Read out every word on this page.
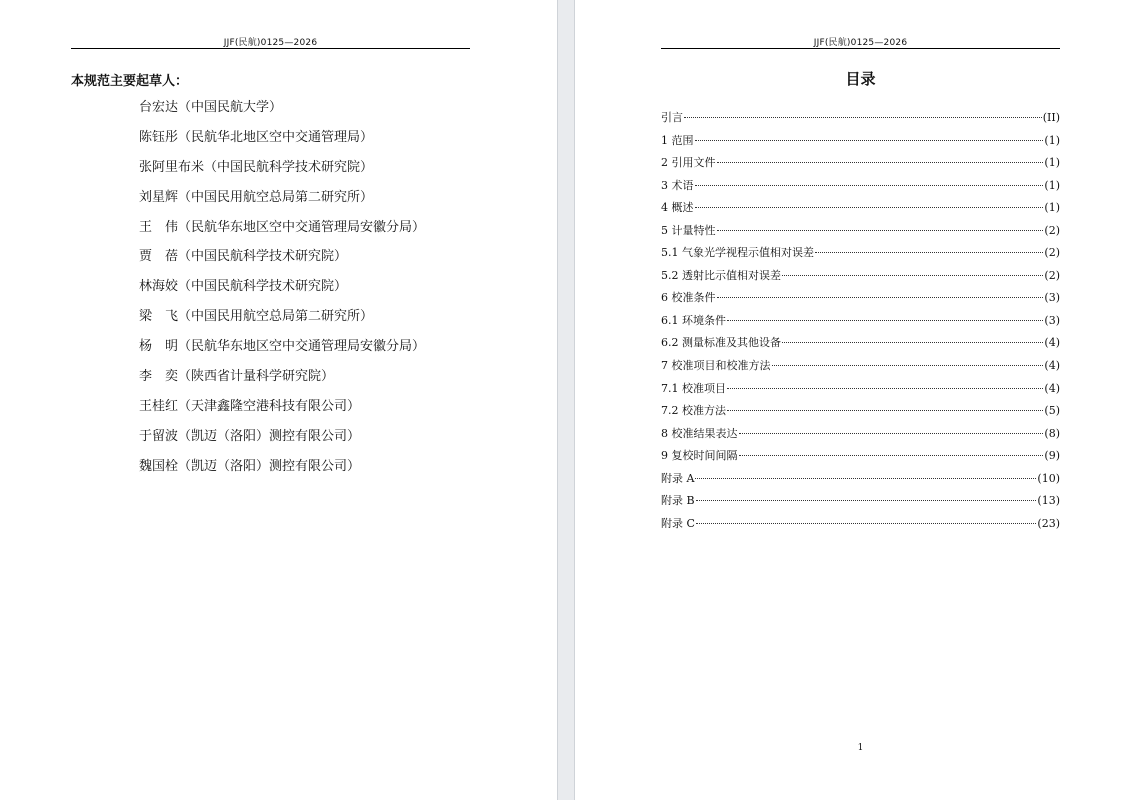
JJF(民航)0125—2026
本规范主要起草人：
台宏达（中国民航大学）
陈钰彤（民航华北地区空中交通管理局）
张阿里布米（中国民航科学技术研究院）
刘星辉（中国民用航空总局第二研究所）
王　伟（民航华东地区空中交通管理局安徽分局）
贾　蓓（中国民航科学技术研究院）
林海姣（中国民航科学技术研究院）
梁　飞（中国民用航空总局第二研究所）
杨　明（民航华东地区空中交通管理局安徽分局）
李　奕（陕西省计量科学研究院）
王桂红（天津鑫隆空港科技有限公司）
于留波（凯迈（洛阳）测控有限公司）
魏国栓（凯迈（洛阳）测控有限公司）
JJF(民航)0125—2026
目录
引言	(II)
1 范围	(1)
2 引用文件	(1)
3 术语	(1)
4 概述	(1)
5 计量特性	(2)
5.1 气象光学视程示值相对误差	(2)
5.2 透射比示值相对误差	(2)
6 校准条件	(3)
6.1 环境条件	(3)
6.2 测量标准及其他设备	(4)
7 校准项目和校准方法	(4)
7.1 校准项目	(4)
7.2 校准方法	(5)
8 校准结果表达	(8)
9 复校时间间隔	(9)
附录 A	(10)
附录 B	(13)
附录 C	(23)
1
